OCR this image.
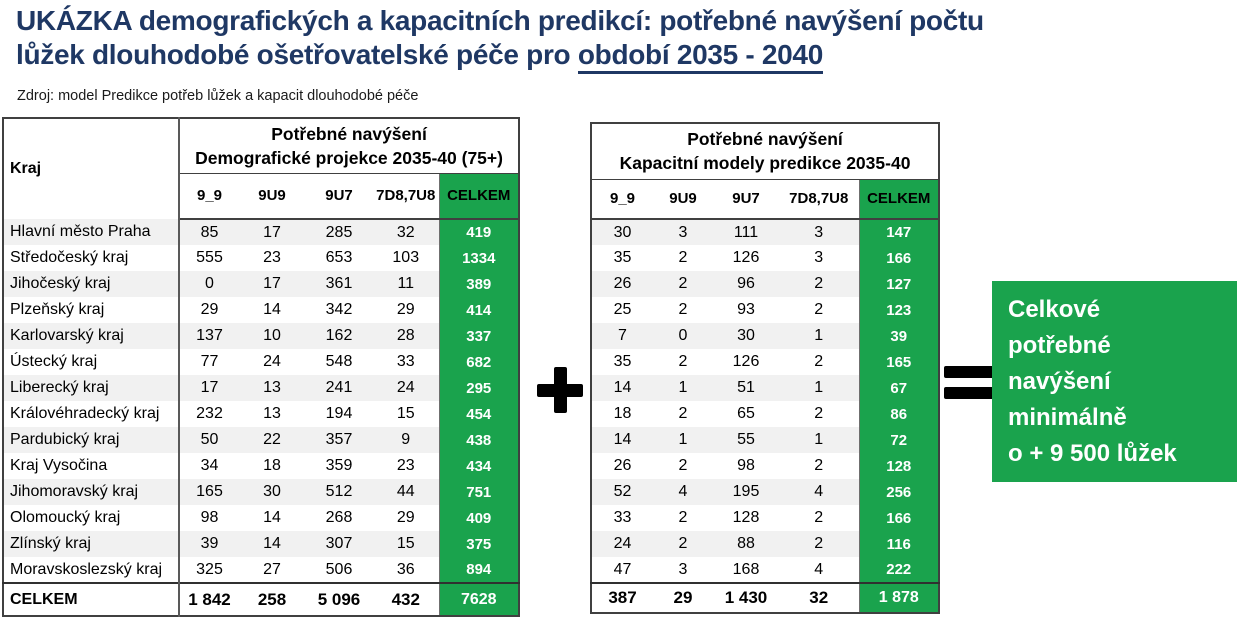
UKÁZKA demografických a kapacitních predikcí: potřebné navýšení počtu
lůžek dlouhodobé ošetřovatelské péče pro období 2035 - 2040
Zdroj: model Predikce potřeb lůžek a kapacit dlouhodobé péče
Kraj	Potřebné navýšení
Demografické projekce 2035-40 (75+)				
	9_9	9U9	9U7	7D8,7U8	CELKEM
Hlavní město Praha	85	17	285	32	419
Středočeský kraj	555	23	653	103	1334
Jihočeský kraj	0	17	361	11	389
Plzeňský kraj	29	14	342	29	414
Karlovarský kraj	137	10	162	28	337
Ústecký kraj	77	24	548	33	682
Liberecký kraj	17	13	241	24	295
Královéhradecký kraj	232	13	194	15	454
Pardubický kraj	50	22	357	9	438
Kraj Vysočina	34	18	359	23	434
Jihomoravský kraj	165	30	512	44	751
Olomoucký kraj	98	14	268	29	409
Zlínský kraj	39	14	307	15	375
Moravskoslezský kraj	325	27	506	36	894
CELKEM	1 842	258	5 096	432	7628
Potřebné navýšení
Kapacitní modely predikce 2035-40				
9_9	9U9	9U7	7D8,7U8	CELKEM
30	3	111	3	147
35	2	126	3	166
26	2	96	2	127
25	2	93	2	123
7	0	30	1	39
35	2	126	2	165
14	1	51	1	67
18	2	65	2	86
14	1	55	1	72
26	2	98	2	128
52	4	195	4	256
33	2	128	2	166
24	2	88	2	116
47	3	168	4	222
387	29	1 430	32	1 878
Celkové
potřebné
navýšení
minimálně
o + 9 500 lůžek
